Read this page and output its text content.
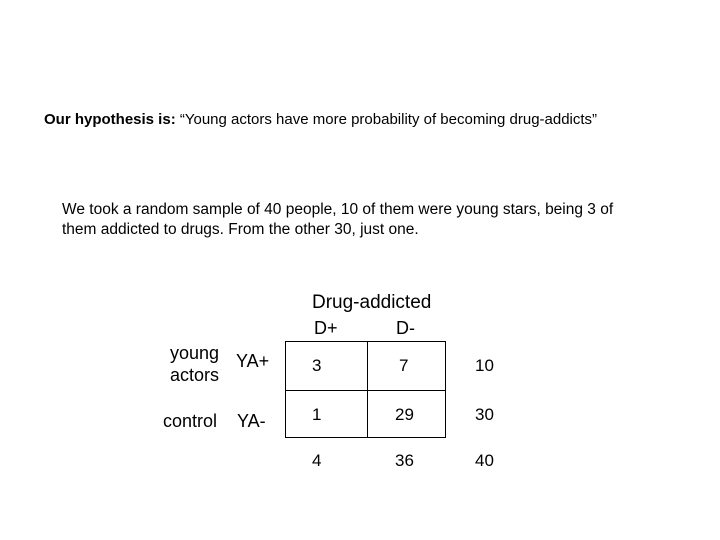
Our hypothesis is: “Young actors have more probability of becoming drug-addicts”
We took a random sample of 40 people, 10 of them were young stars, being 3 of
them addicted to drugs. From the other 30, just one.
Drug-addicted
D+	D-
young
actors
YA+	3	7	10
control YA-	1	29	30
4	36	40
